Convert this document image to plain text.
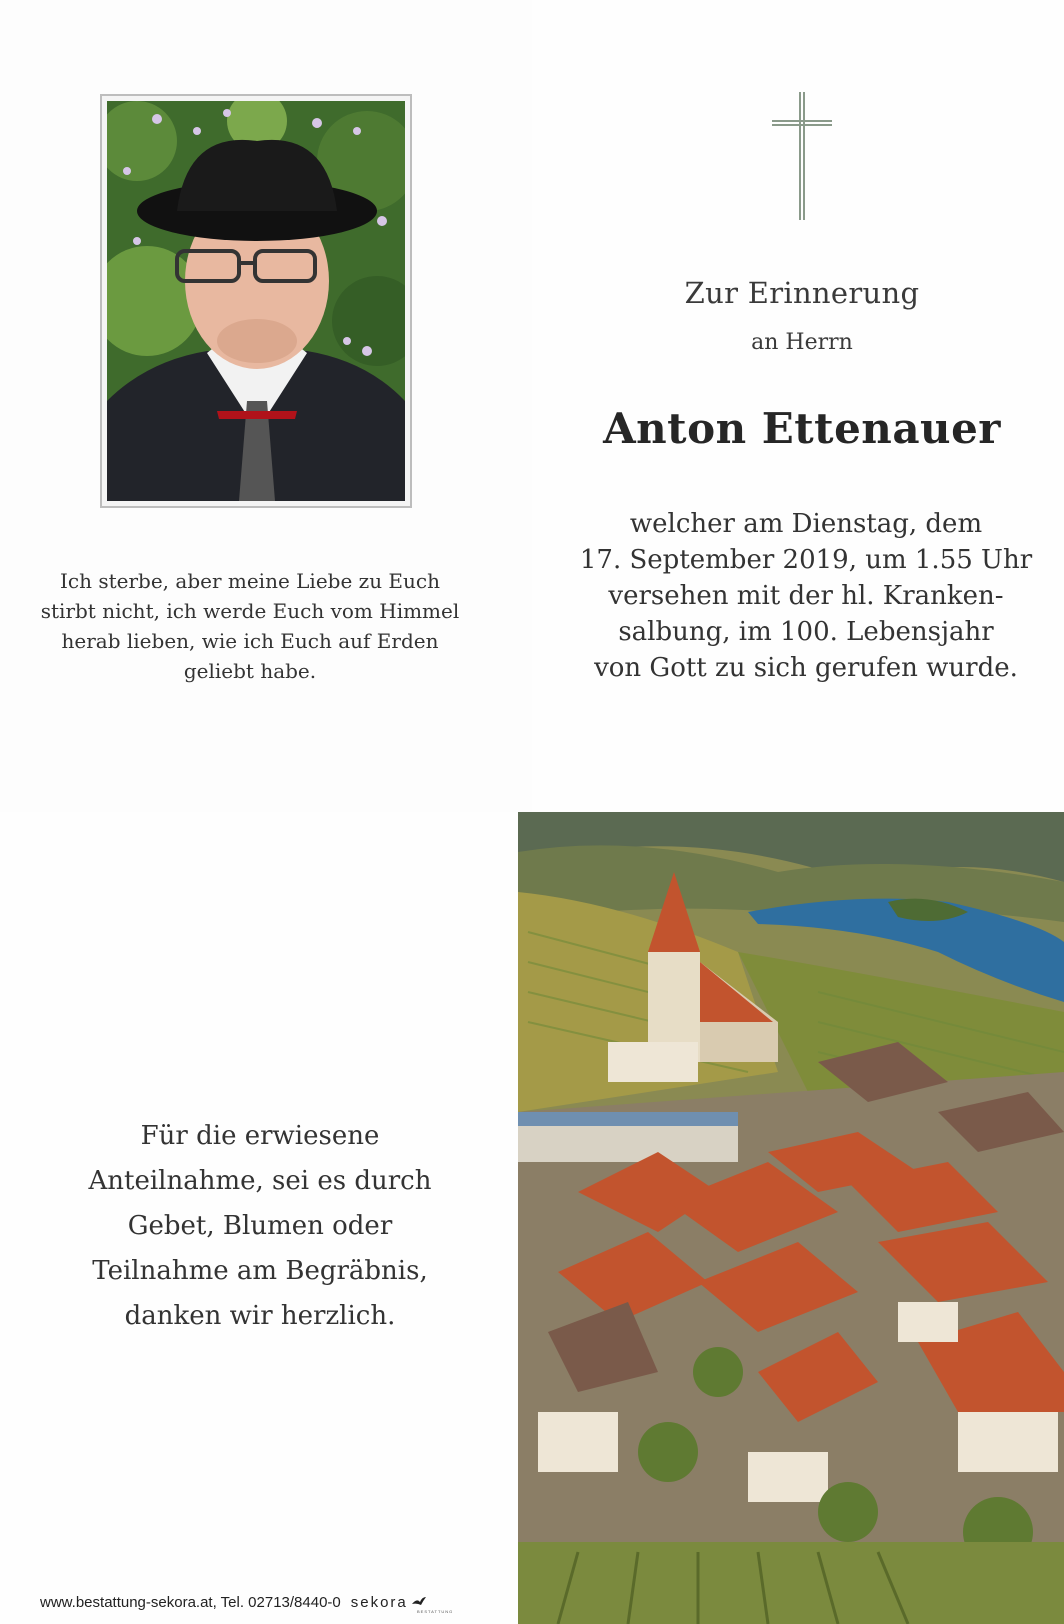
Ich sterbe, aber meine Liebe zu Euch
stirbt nicht, ich werde Euch vom Himmel
herab lieben, wie ich Euch auf Erden
geliebt habe.
Zur Erinnerung
an Herrn
Anton Ettenauer
welcher am Dienstag, dem
17. September 2019, um 1.55 Uhr
versehen mit der hl. Kranken-
salbung, im 100. Lebensjahr
von Gott zu sich gerufen wurde.
Für die erwiesene
Anteilnahme, sei es durch
Gebet, Blumen oder
Teilnahme am Begräbnis,
danken wir herzlich.
www.bestattung-sekora.at, Tel. 02713/8440-0 sekora
BESTATTUNG
